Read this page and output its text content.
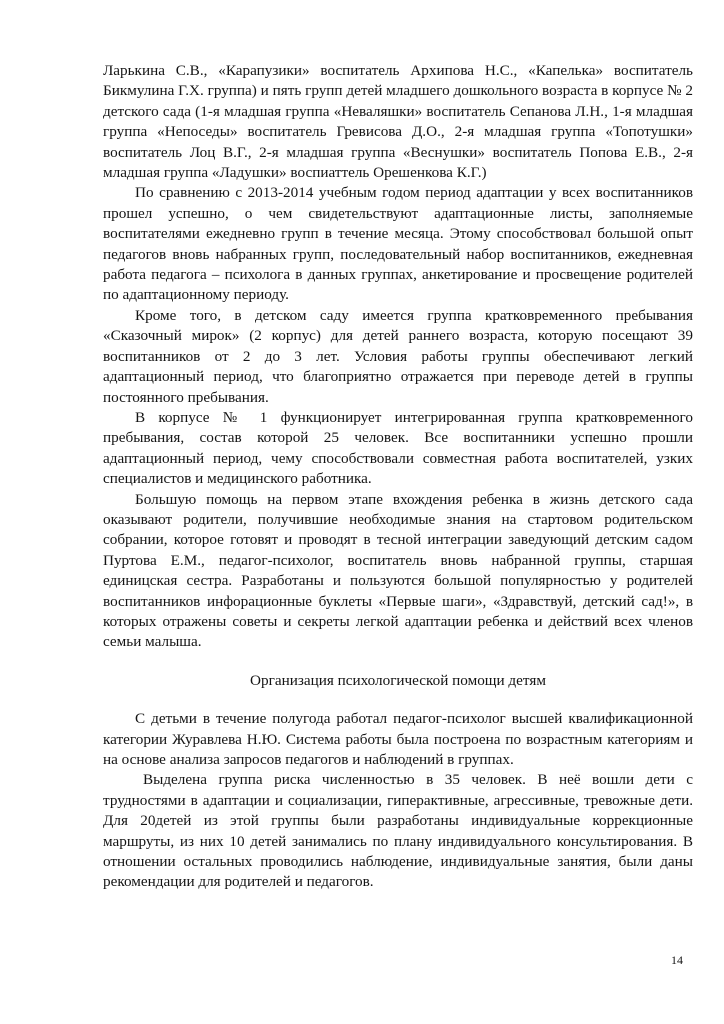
Ларькина С.В., «Карапузики» воспитатель Архипова Н.С., «Капелька» воспитатель Бикмулина Г.Х. группа) и пять групп детей младшего дошкольного возраста в корпусе № 2 детского сада (1-я младшая группа «Неваляшки» воспитатель Сепанова Л.Н., 1-я младшая группа «Непоседы» воспитатель Гревисова Д.О., 2-я младшая группа «Топотушки» воспитатель Лоц В.Г., 2-я младшая группа «Веснушки» воспитатель Попова Е.В., 2-я младшая группа «Ладушки» воспиаттель Орешенкова К.Г.)

По сравнению с 2013-2014 учебным годом период адаптации у всех воспитанников прошел успешно, о чем свидетельствуют адаптационные листы, заполняемые воспитателями ежедневно групп в течение месяца. Этому способствовал большой опыт педагогов вновь набранных групп, последовательный набор воспитанников, ежедневная работа педагога – психолога в данных группах, анкетирование и просвещение родителей по адаптационному периоду.

Кроме того, в детском саду имеется группа кратковременного пребывания «Сказочный мирок» (2 корпус) для детей раннего возраста, которую посещают 39 воспитанников от 2 до 3 лет. Условия работы группы обеспечивают легкий адаптационный период, что благоприятно отражается при переводе детей в группы постоянного пребывания.

В корпусе № 1 функционирует интегрированная группа кратковременного пребывания, состав которой 25 человек. Все воспитанники успешно прошли адаптационный период, чему способствовали совместная работа воспитателей, узких специалистов и медицинского работника.

Большую помощь на первом этапе вхождения ребенка в жизнь детского сада оказывают родители, получившие необходимые знания на стартовом родительском собрании, которое готовят и проводят в тесной интеграции заведующий детским садом Пуртова Е.М., педагог-психолог, воспитатель вновь набранной группы, старшая единицская сестра. Разработаны и пользуются большой популярностью у родителей воспитанников инфорационные буклеты «Первые шаги», «Здравствуй, детский сад!», в которых отражены советы и секреты легкой адаптации ребенка и действий всех членов семьи малыша.

Организация психологической помощи детям

С детьми в течение полугода работал педагог-психолог высшей квалификационной категории Журавлева Н.Ю. Система работы была построена по возрастным категориям и на основе анализа запросов педагогов и наблюдений в группах.

Выделена группа риска численностью в 35 человек. В неё вошли дети с трудностями в адаптации и социализации, гиперактивные, агрессивные, тревожные дети. Для 20детей из этой группы были разработаны индивидуальные коррекционные маршруты, из них 10 детей занимались по плану индивидуального консультирования. В отношении остальных проводились наблюдение, индивидуальные занятия, были даны рекомендации для родителей и педагогов.

14
